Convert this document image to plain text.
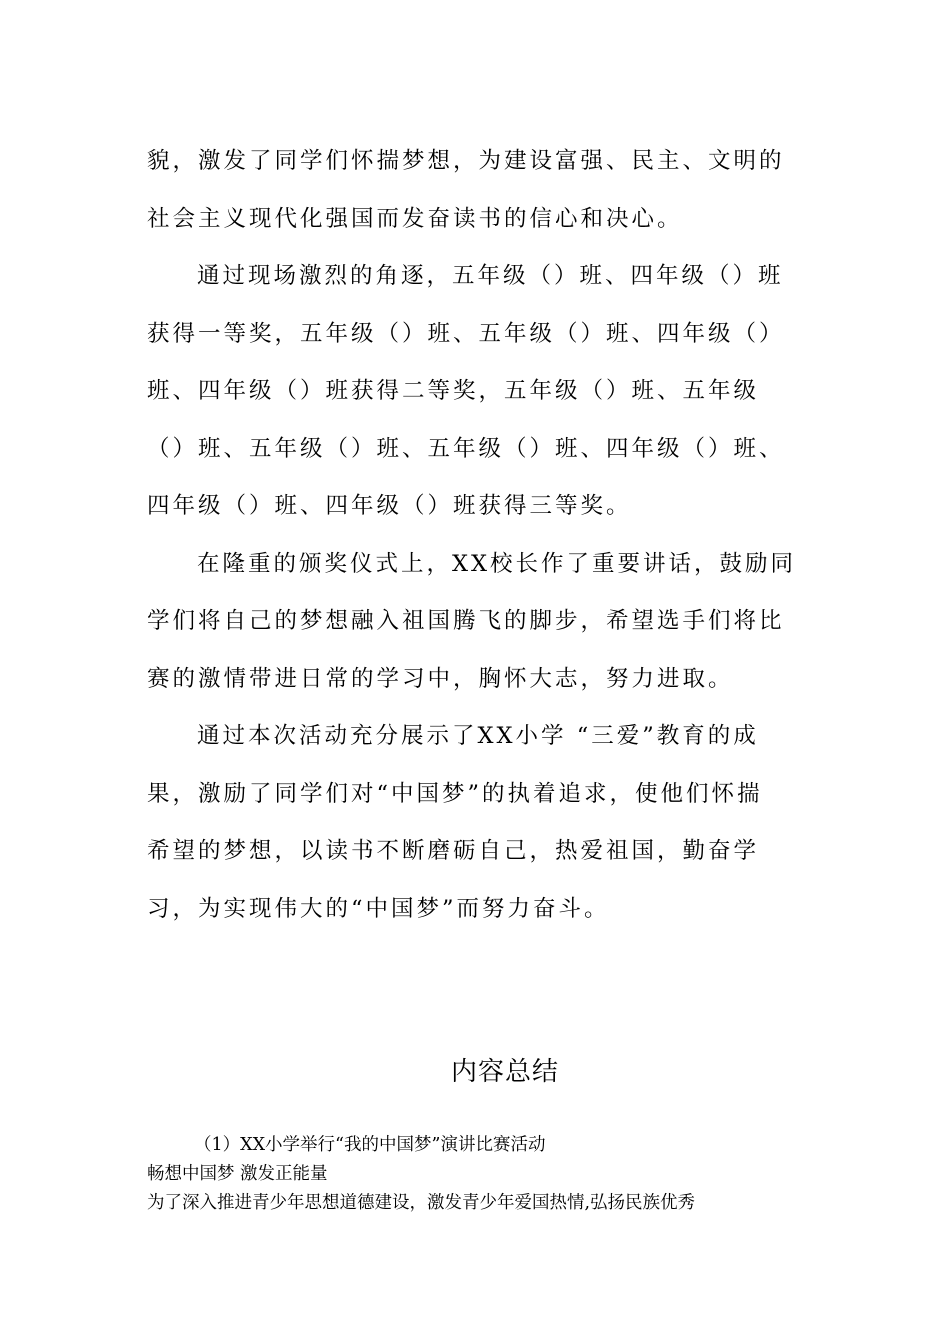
貌，激发了同学们怀揣梦想，为建设富强、民主、文明的
社会主义现代化强国而发奋读书的信心和决心。
通过现场激烈的角逐，五年级（）班、四年级（）班
获得一等奖，五年级（）班、五年级（）班、四年级（）
班、四年级（）班获得二等奖，五年级（）班、五年级
（）班、五年级（）班、五年级（）班、四年级（）班、
四年级（）班、四年级（）班获得三等奖。
在隆重的颁奖仪式上，XX校长作了重要讲话，鼓励同
学们将自己的梦想融入祖国腾飞的脚步，希望选手们将比
赛的激情带进日常的学习中，胸怀大志，努力进取。
通过本次活动充分展示了XX小学 “三爱”教育的成
果，激励了同学们对“中国梦”的执着追求，使他们怀揣
希望的梦想，以读书不断磨砺自己，热爱祖国，勤奋学
习，为实现伟大的“中国梦”而努力奋斗。
内容总结
（1）XX小学举行“我的中国梦”演讲比赛活动
畅想中国梦 激发正能量
为了深入推进青少年思想道德建设，激发青少年爱国热情,弘扬民族优秀
